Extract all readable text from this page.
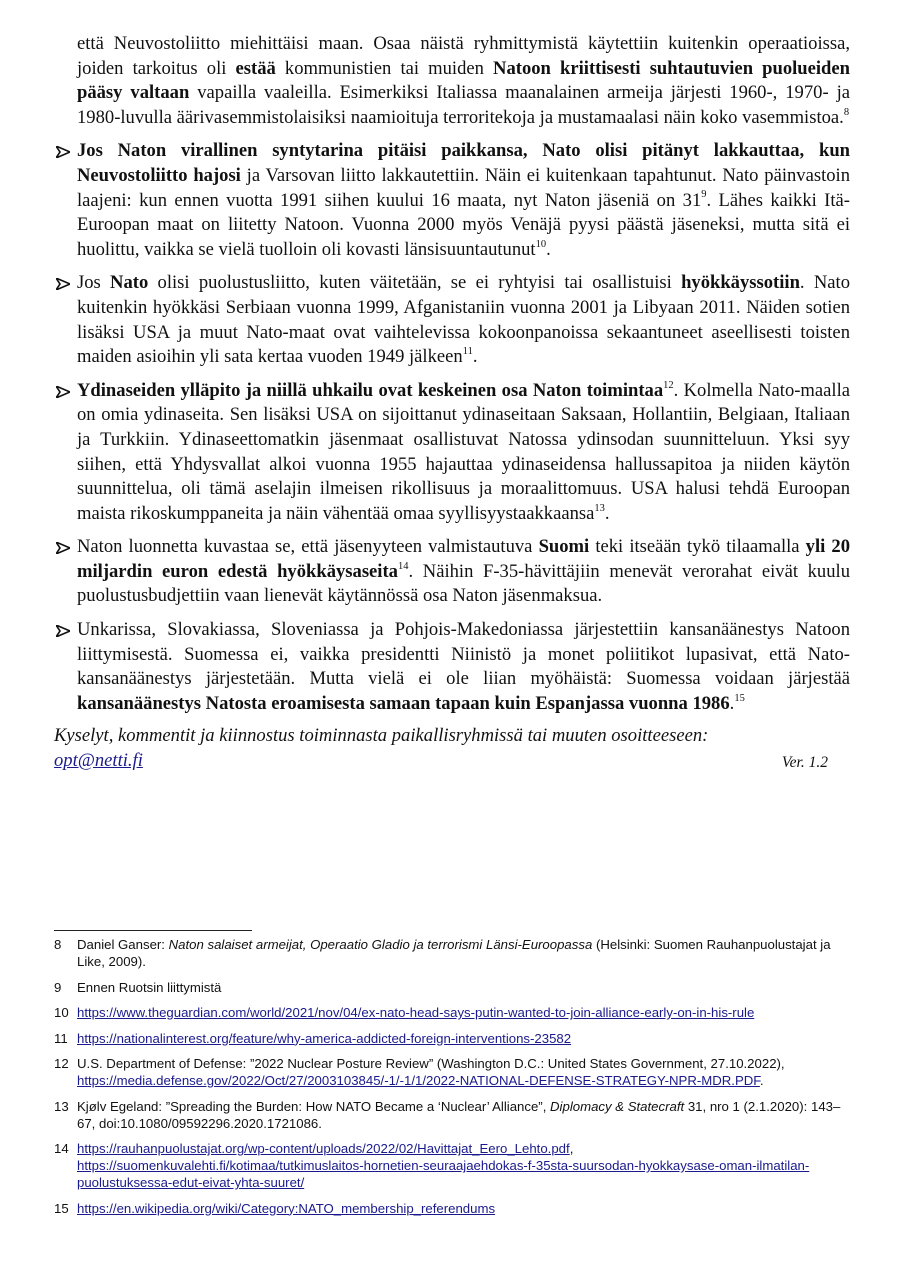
että Neuvostoliitto miehittäisi maan. Osaa näistä ryhmittymistä käytettiin kuitenkin operaatioissa, joiden tarkoitus oli estää kommunistien tai muiden Natoon kriittisesti suhtautuvien puolueiden pääsy valtaan vapailla vaaleilla. Esimerkiksi Italiassa maanalainen armeija järjesti 1960-, 1970- ja 1980-luvulla äärivasemmistolaisiksi naamioituja terroritekoja ja mustamaalasi näin koko vasemmistoa.$^8$

Jos Naton virallinen syntytarina pitäisi paikkansa, Nato olisi pitänyt lakkauttaa, kun Neuvostoliitto hajosi ja Varsovan liitto lakkautettiin. Näin ei kuitenkaan tapahtunut. Nato päinvastoin laajeni: kun ennen vuotta 1991 siihen kuului 16 maata, nyt Naton jäseniä on $31^9$. Lähes kaikki Itä-Euroopan maat on liitetty Natoon. Vuonna 2000 myös Venäjä pyysi päästä jäseneksi, mutta sitä ei huolittu, vaikka se vielä tuolloin oli kovasti länsisuuntautunut$^{10}$.

Jos Nato olisi puolustusliitto, kuten väitetään, se ei ryhtyisi tai osallistuisi hyökkäyssotiin. Nato kuitenkin hyökkäsi Serbiaan vuonna 1999, Afganistaniin vuonna 2001 ja Libyaan 2011. Näiden sotien lisäksi USA ja muut Nato-maat ovat vaihtelevissa kokoonpanoissa sekaantuneet aseellisesti toisten maiden asioihin yli sata kertaa vuoden 1949 jälkeen$^{11}$.

Ydinaseiden ylläpito ja niillä uhkailu ovat keskeinen osa Naton toimintaa$^{12}$. Kolmella Nato-maalla on omia ydinaseita. Sen lisäksi USA on sijoittanut ydinaseitaan Saksaan, Hollantiin, Belgiaan, Italiaan ja Turkkiin. Ydinaseettomatkin jäsenmaat osallistuvat Natossa ydinsodan suunnitteluun. Yksi syy siihen, että Yhdysvallat alkoi vuonna 1955 hajauttaa ydinaseidensa hallussapitoa ja niiden käytön suunnittelua, oli tämä aselajin ilmeisen rikollisuus ja moraalittomuus. USA halusi tehdä Euroopan maista rikoskumppaneita ja näin vähentää omaa syyllisyystaakkaansa$^{13}$.

Naton luonnetta kuvastaa se, että jäsenyyteen valmistautuva Suomi teki itseään tykö tilaamalla yli 20 miljardin euron edestä hyökkäysaseita$^{14}$. Näihin F-35-hävittäjiin menevät verorahat eivät kuulu puolustusbudjettiin vaan lienevät käytännössä osa Naton jäsenmaksua.

Unkarissa, Slovakiassa, Sloveniassa ja Pohjois-Makedoniassa järjestettiin kansanäänestys Natoon liittymisestä. Suomessa ei, vaikka presidentti Niinistö ja monet poliitikot lupasivat, että Nato-kansanäänestys järjestetään. Mutta vielä ei ole liian myöhäistä: Suomessa voidaan järjestää kansanäänestys Natosta eroamisesta samaan tapaan kuin Espanjassa vuonna 1986.15

Kyselyt, kommentit ja kiinnostus toiminnasta paikallisryhmissä tai muuten osoitteeseen:

opt@netti.fi	Ver. 1.2

8 Daniel Ganser: Naton salaiset armeijat, Operaatio Gladio ja terrorismi Länsi-Euroopassa (Helsinki: Suomen Rauhanpuolustajat ja Like, 2009).

9 Ennen Ruotsin liittymistä

10 https://www.theguardian.com/world/2021/nov/04/ex-nato-head-says-putin-wanted-to-join-alliance-early-on-in-his-rule

11 https://nationalinterest.org/feature/why-america-addicted-foreign-interventions-23582

12 U.S. Department of Defense: ”2022 Nuclear Posture Review” (Washington D.C.: United States Government, 27.10.2022), https://media.defense.gov/2022/Oct/27/2003103845/-1/-1/1/2022-NATIONAL-DEFENSE-STRATEGY-NPR-MDR.PDF.

13 Kjølv Egeland: ”Spreading the Burden: How NATO Became a ‘Nuclear’ Alliance”, Diplomacy & Statecraft 31, nro 1 (2.1.2020): 143–67, doi:10.1080/09592296.2020.1721086.

14 https://rauhanpuolustajat.org/wp-content/uploads/2022/02/Havittajat_Eero_Lehto.pdf, https://suomenkuvalehti.fi/kotimaa/tutkimuslaitos-hornetien-seuraajaehdokas-f-35sta-suursodan-hyokkaysase-oman-ilmatilan-puolustuksessa-edut-eivat-yhta-suuret/

15 https://en.wikipedia.org/wiki/Category:NATO_membership_referendums
